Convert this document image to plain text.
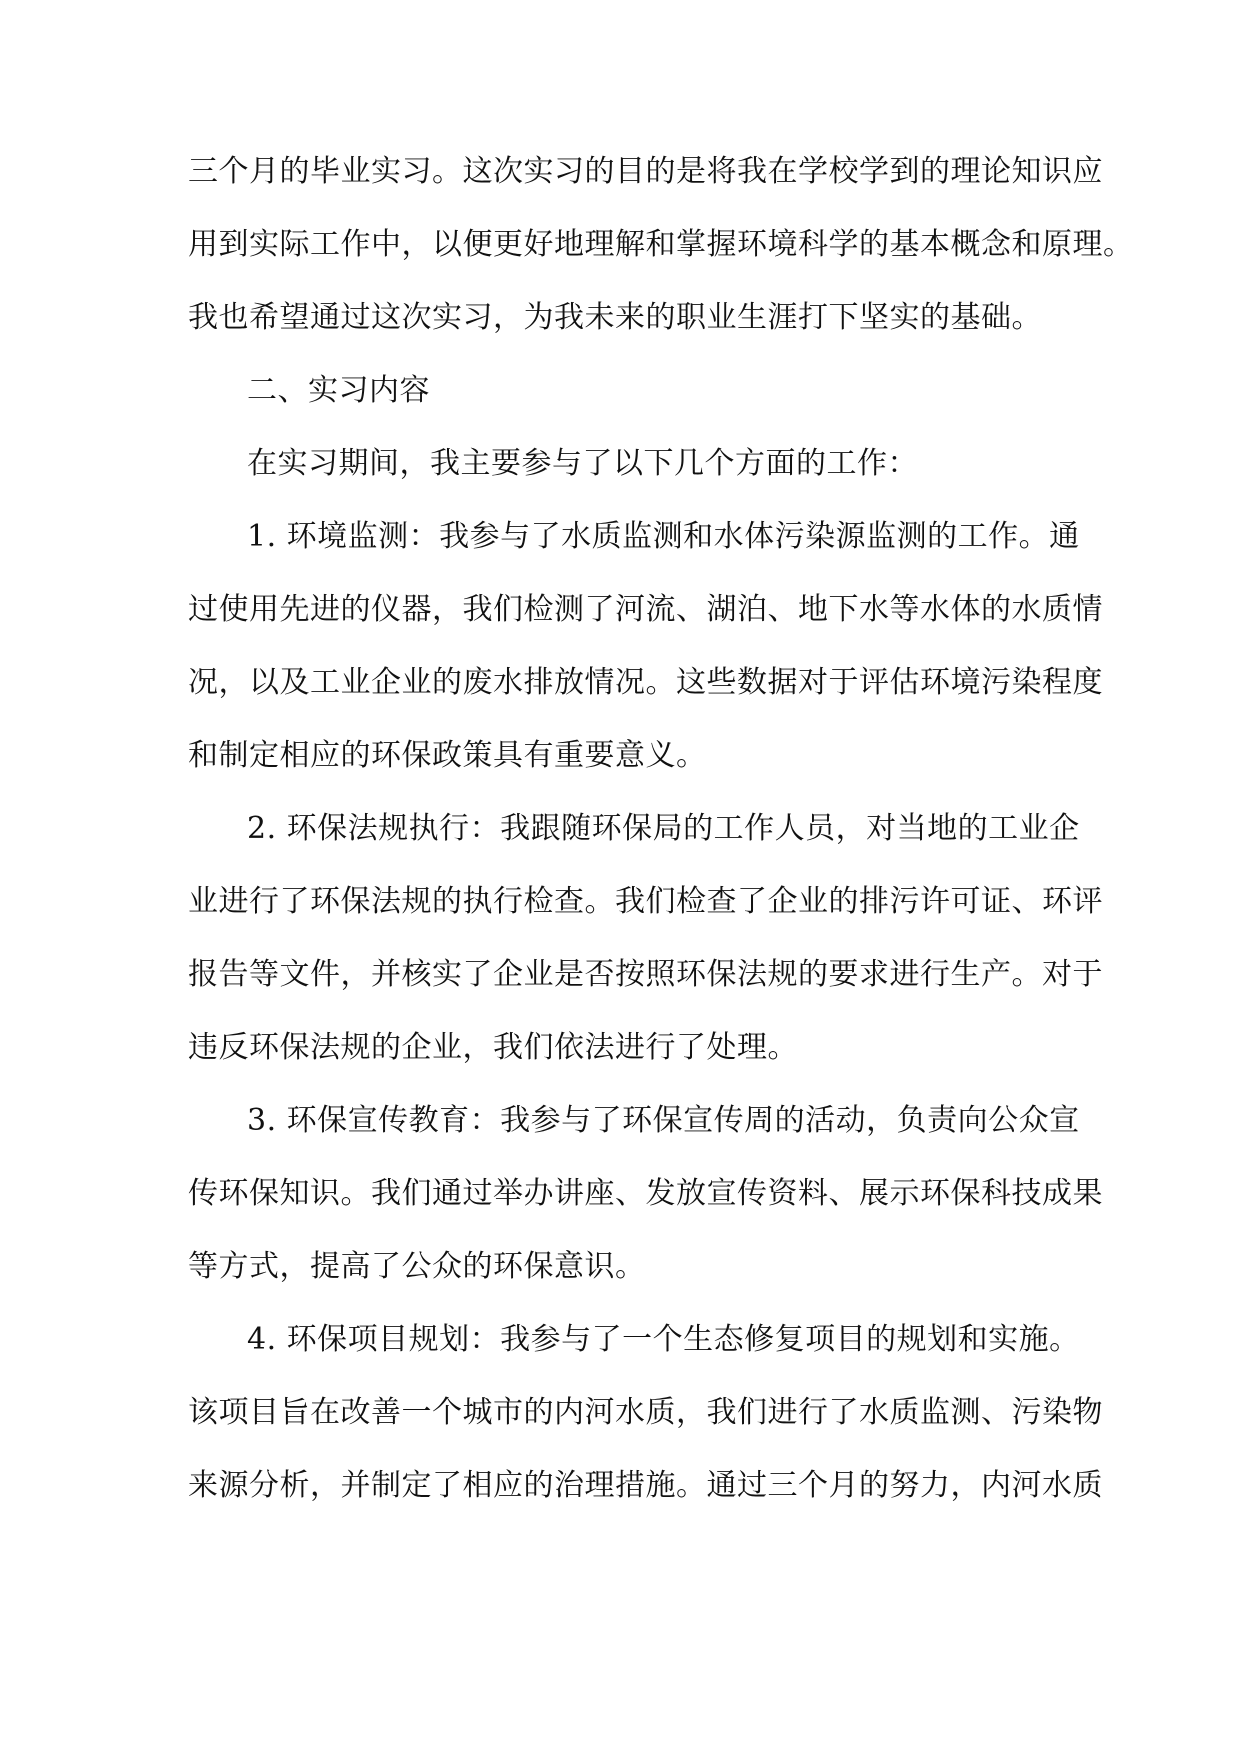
三个月的毕业实习。这次实习的目的是将我在学校学到的理论知识应
用到实际工作中，以便更好地理解和掌握环境科学的基本概念和原理。
我也希望通过这次实习，为我未来的职业生涯打下坚实的基础。
二、实习内容
在实习期间，我主要参与了以下几个方面的工作：
1. 环境监测：我参与了水质监测和水体污染源监测的工作。通
过使用先进的仪器，我们检测了河流、湖泊、地下水等水体的水质情
况，以及工业企业的废水排放情况。这些数据对于评估环境污染程度
和制定相应的环保政策具有重要意义。
2. 环保法规执行：我跟随环保局的工作人员，对当地的工业企
业进行了环保法规的执行检查。我们检查了企业的排污许可证、环评
报告等文件，并核实了企业是否按照环保法规的要求进行生产。对于
违反环保法规的企业，我们依法进行了处理。
3. 环保宣传教育：我参与了环保宣传周的活动，负责向公众宣
传环保知识。我们通过举办讲座、发放宣传资料、展示环保科技成果
等方式，提高了公众的环保意识。
4. 环保项目规划：我参与了一个生态修复项目的规划和实施。
该项目旨在改善一个城市的内河水质，我们进行了水质监测、污染物
来源分析，并制定了相应的治理措施。通过三个月的努力，内河水质
